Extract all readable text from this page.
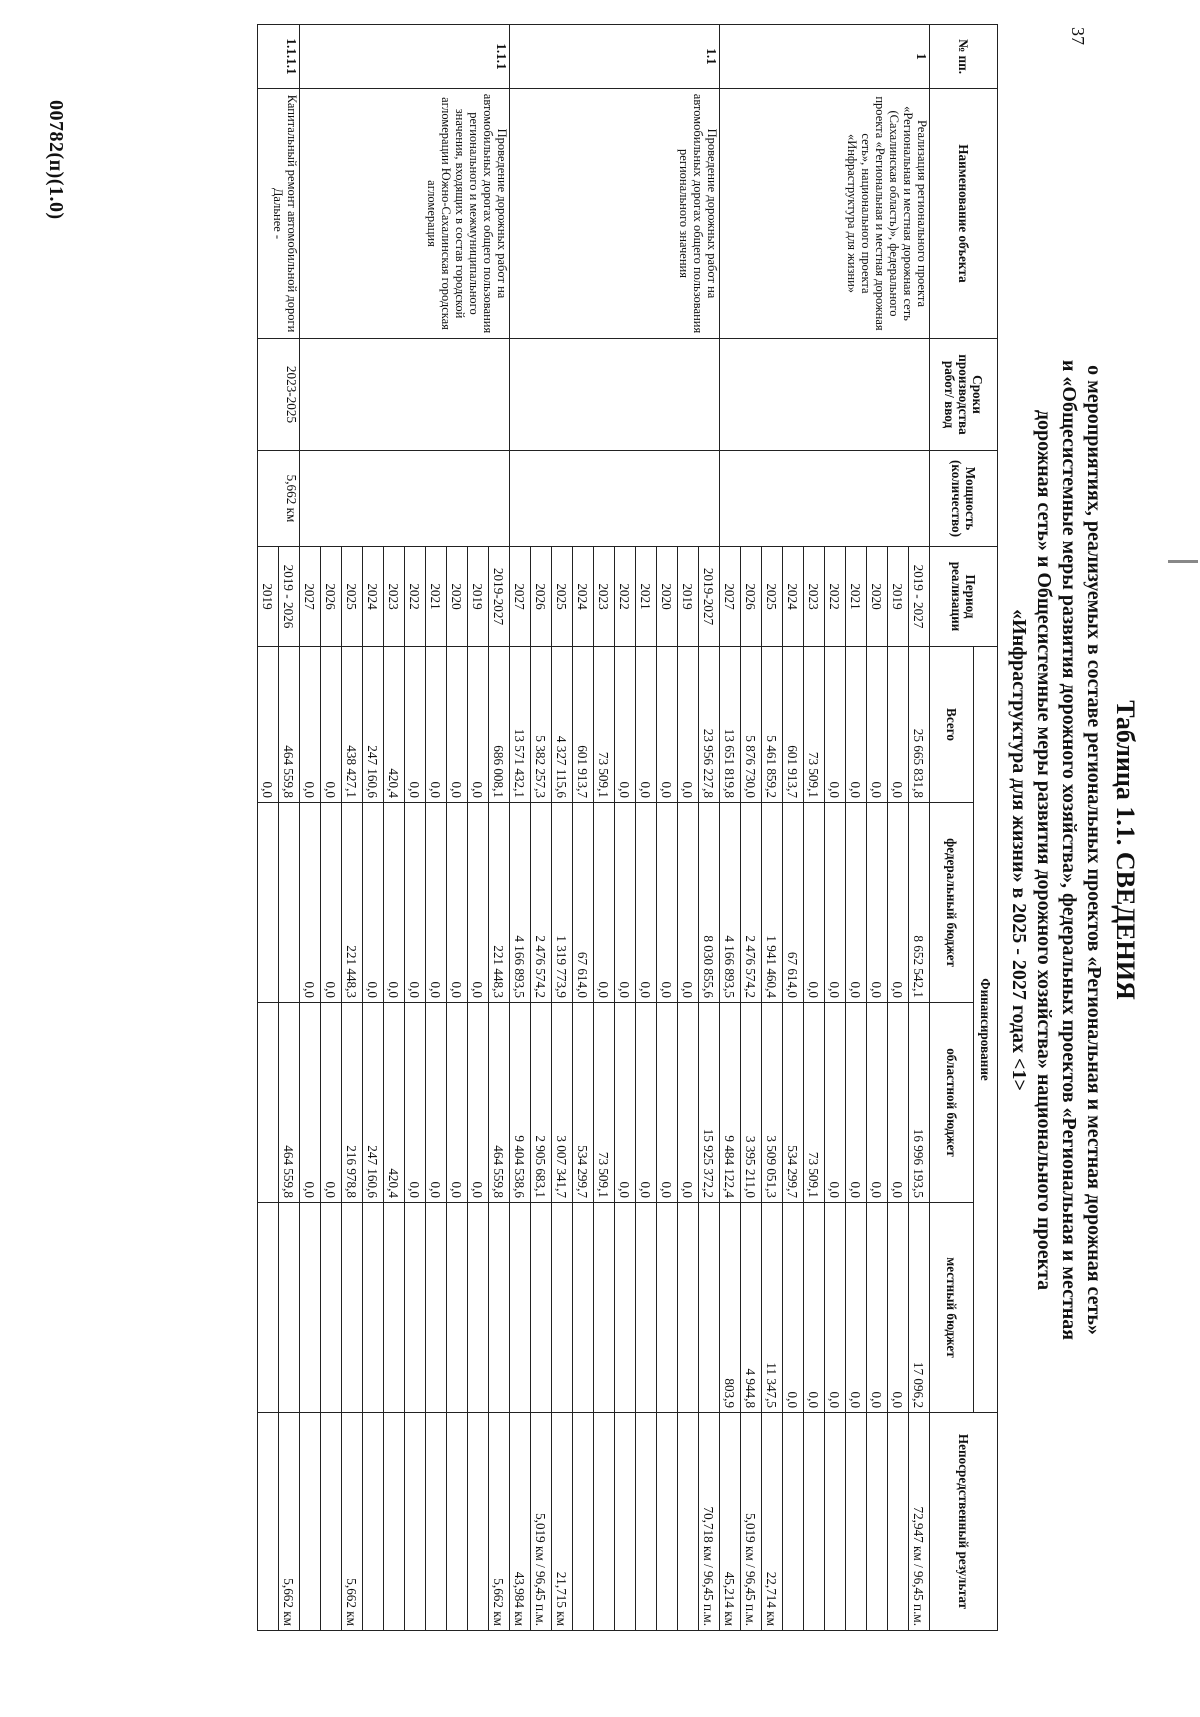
37
00782(п)(1.0)
Таблица 1.1. СВЕДЕНИЯ
о мероприятиях, реализуемых в составе региональных проектов «Региональная и местная дорожная сеть»
и «Общесистемные меры развития дорожного хозяйства», федеральных проектов «Региональная и местная
дорожная сеть» и Общесистемные меры развития дорожного хозяйства» национального проекта
«Инфраструктура для жизни» в 2025 - 2027 годах <1>
№ пп.	Наименование объекта	Сроки производства работ/ ввод	Мощность (количество)	Период реализации	Финансирование				Непосредственный результат
					Всего	федеральный бюджет	областной бюджет	местный бюджет	
1	Реализация регионального проекта «Региональная и местная дорожная сеть (Сахалинская область)», федерального проекта «Региональная и местная дорожная сеть», национального проекта «Инфраструктура для жизни»			2019 - 2027	25 665 831,8	8 652 542,1	16 996 193,5	17 096,2	72,947 км / 96,45 п.м.
				2019	0,0	0,0	0,0	0,0	
				2020	0,0	0,0	0,0	0,0	
				2021	0,0	0,0	0,0	0,0	
				2022	0,0	0,0	0,0	0,0	
				2023	73 509,1	0,0	73 509,1	0,0	
				2024	601 913,7	67 614,0	534 299,7	0,0	
				2025	5 461 859,2	1 941 460,4	3 509 051,3	11 347,5	22,714 км
				2026	5 876 730,0	2 476 574,2	3 395 211,0	4 944,8	5,019 км / 96,45 п.м.
				2027	13 651 819,8	4 166 893,5	9 484 122,4	803,9	45,214 км
1.1	Проведение дорожных работ на автомобильных дорогах общего пользования регионального значения			2019-2027	23 956 227,8	8 030 855,6	15 925 372,2		70,718 км / 96,45 п.м.
				2019	0,0	0,0	0,0		
				2020	0,0	0,0	0,0		
				2021	0,0	0,0	0,0		
				2022	0,0	0,0	0,0		
				2023	73 509,1	0,0	73 509,1		
				2024	601 913,7	67 614,0	534 299,7		
				2025	4 327 115,6	1 319 773,9	3 007 341,7		21,715 км
				2026	5 382 257,3	2 476 574,2	2 905 683,1		5,019 км / 96,45 п.м.
				2027	13 571 432,1	4 166 893,5	9 404 538,6		43,984 км
1.1.1	Проведение дорожных работ на автомобильных дорогах общего пользования регионального и межмуниципального значения, входящих в состав городской агломерации Южно-Сахалинская городская агломерация			2019-2027	686 008,1	221 448,3	464 559,8		5,662 км
				2019	0,0	0,0	0,0		
				2020	0,0	0,0	0,0		
				2021	0,0	0,0	0,0		
				2022	0,0	0,0	0,0		
				2023	420,4	0,0	420,4		
				2024	247 160,6	0,0	247 160,6		
				2025	438 427,1	221 448,3	216 978,8		5,662 км
				2026	0,0	0,0	0,0		
				2027	0,0	0,0	0,0		
1.1.1.1	Капитальный ремонт автомобильной дороги Дальнее -	2023-2025	5,662 км	2019 - 2026	464 559,8		464 559,8		5,662 км
				2019	0,0				
